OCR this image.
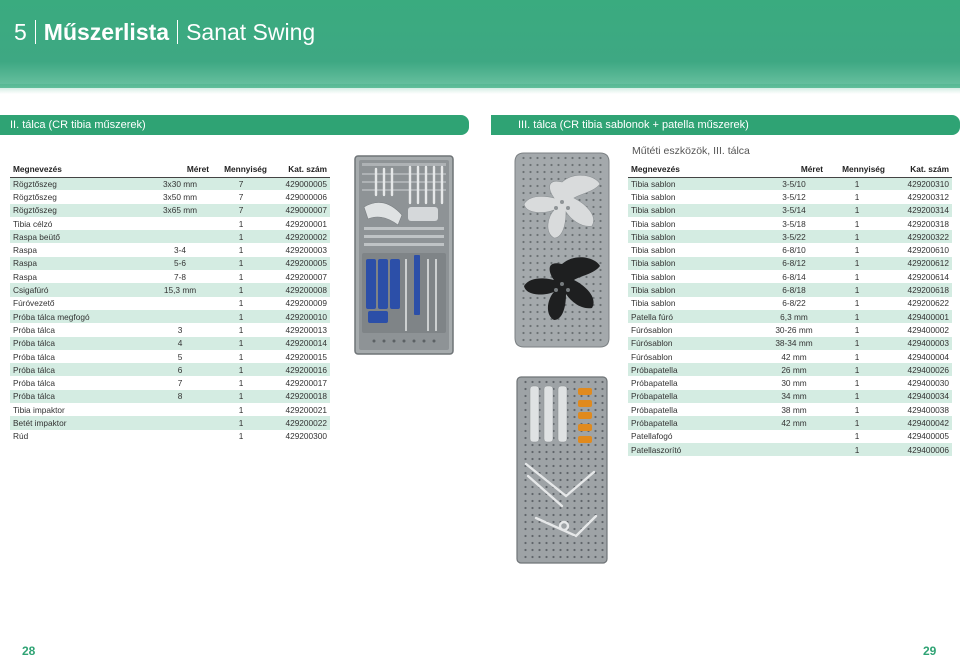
5 Műszerlista Sanat Swing
II. tálca (CR tibia műszerek)	III. tálca (CR tibia sablonok + patella műszerek)
Műtéti eszközök, III. tálca
Megnevezés	Méret	Mennyiség	Kat. szám
Rögztőszeg	3x30 mm	7	429000005
Rögztőszeg	3x50 mm	7	429000006
Rögztőszeg	3x65 mm	7	429000007
Tibia célzó		1	429200001
Raspa beütő		1	429200002
Raspa	3-4	1	429200003
Raspa	5-6	1	429200005
Raspa	7-8	1	429200007
Csigafúró	15,3 mm	1	429200008
Fúróvezető		1	429200009
Próba tálca megfogó		1	429200010
Próba tálca	3	1	429200013
Próba tálca	4	1	429200014
Próba tálca	5	1	429200015
Próba tálca	6	1	429200016
Próba tálca	7	1	429200017
Próba tálca	8	1	429200018
Tibia impaktor		1	429200021
Betét impaktor		1	429200022
Rúd		1	429200300
Megnevezés	Méret	Mennyiség	Kat. szám
Tibia sablon	3-5/10	1	429200310
Tibia sablon	3-5/12	1	429200312
Tibia sablon	3-5/14	1	429200314
Tibia sablon	3-5/18	1	429200318
Tibia sablon	3-5/22	1	429200322
Tibia sablon	6-8/10	1	429200610
Tibia sablon	6-8/12	1	429200612
Tibia sablon	6-8/14	1	429200614
Tibia sablon	6-8/18	1	429200618
Tibia sablon	6-8/22	1	429200622
Patella fúró	6,3 mm	1	429400001
Fúrósablon	30-26 mm	1	429400002
Fúrósablon	38-34 mm	1	429400003
Fúrósablon	42 mm	1	429400004
Próbapatella	26 mm	1	429400026
Próbapatella	30 mm	1	429400030
Próbapatella	34 mm	1	429400034
Próbapatella	38 mm	1	429400038
Próbapatella	42 mm	1	429400042
Patellafogó		1	429400005
Patellaszorító		1	429400006
28	29
